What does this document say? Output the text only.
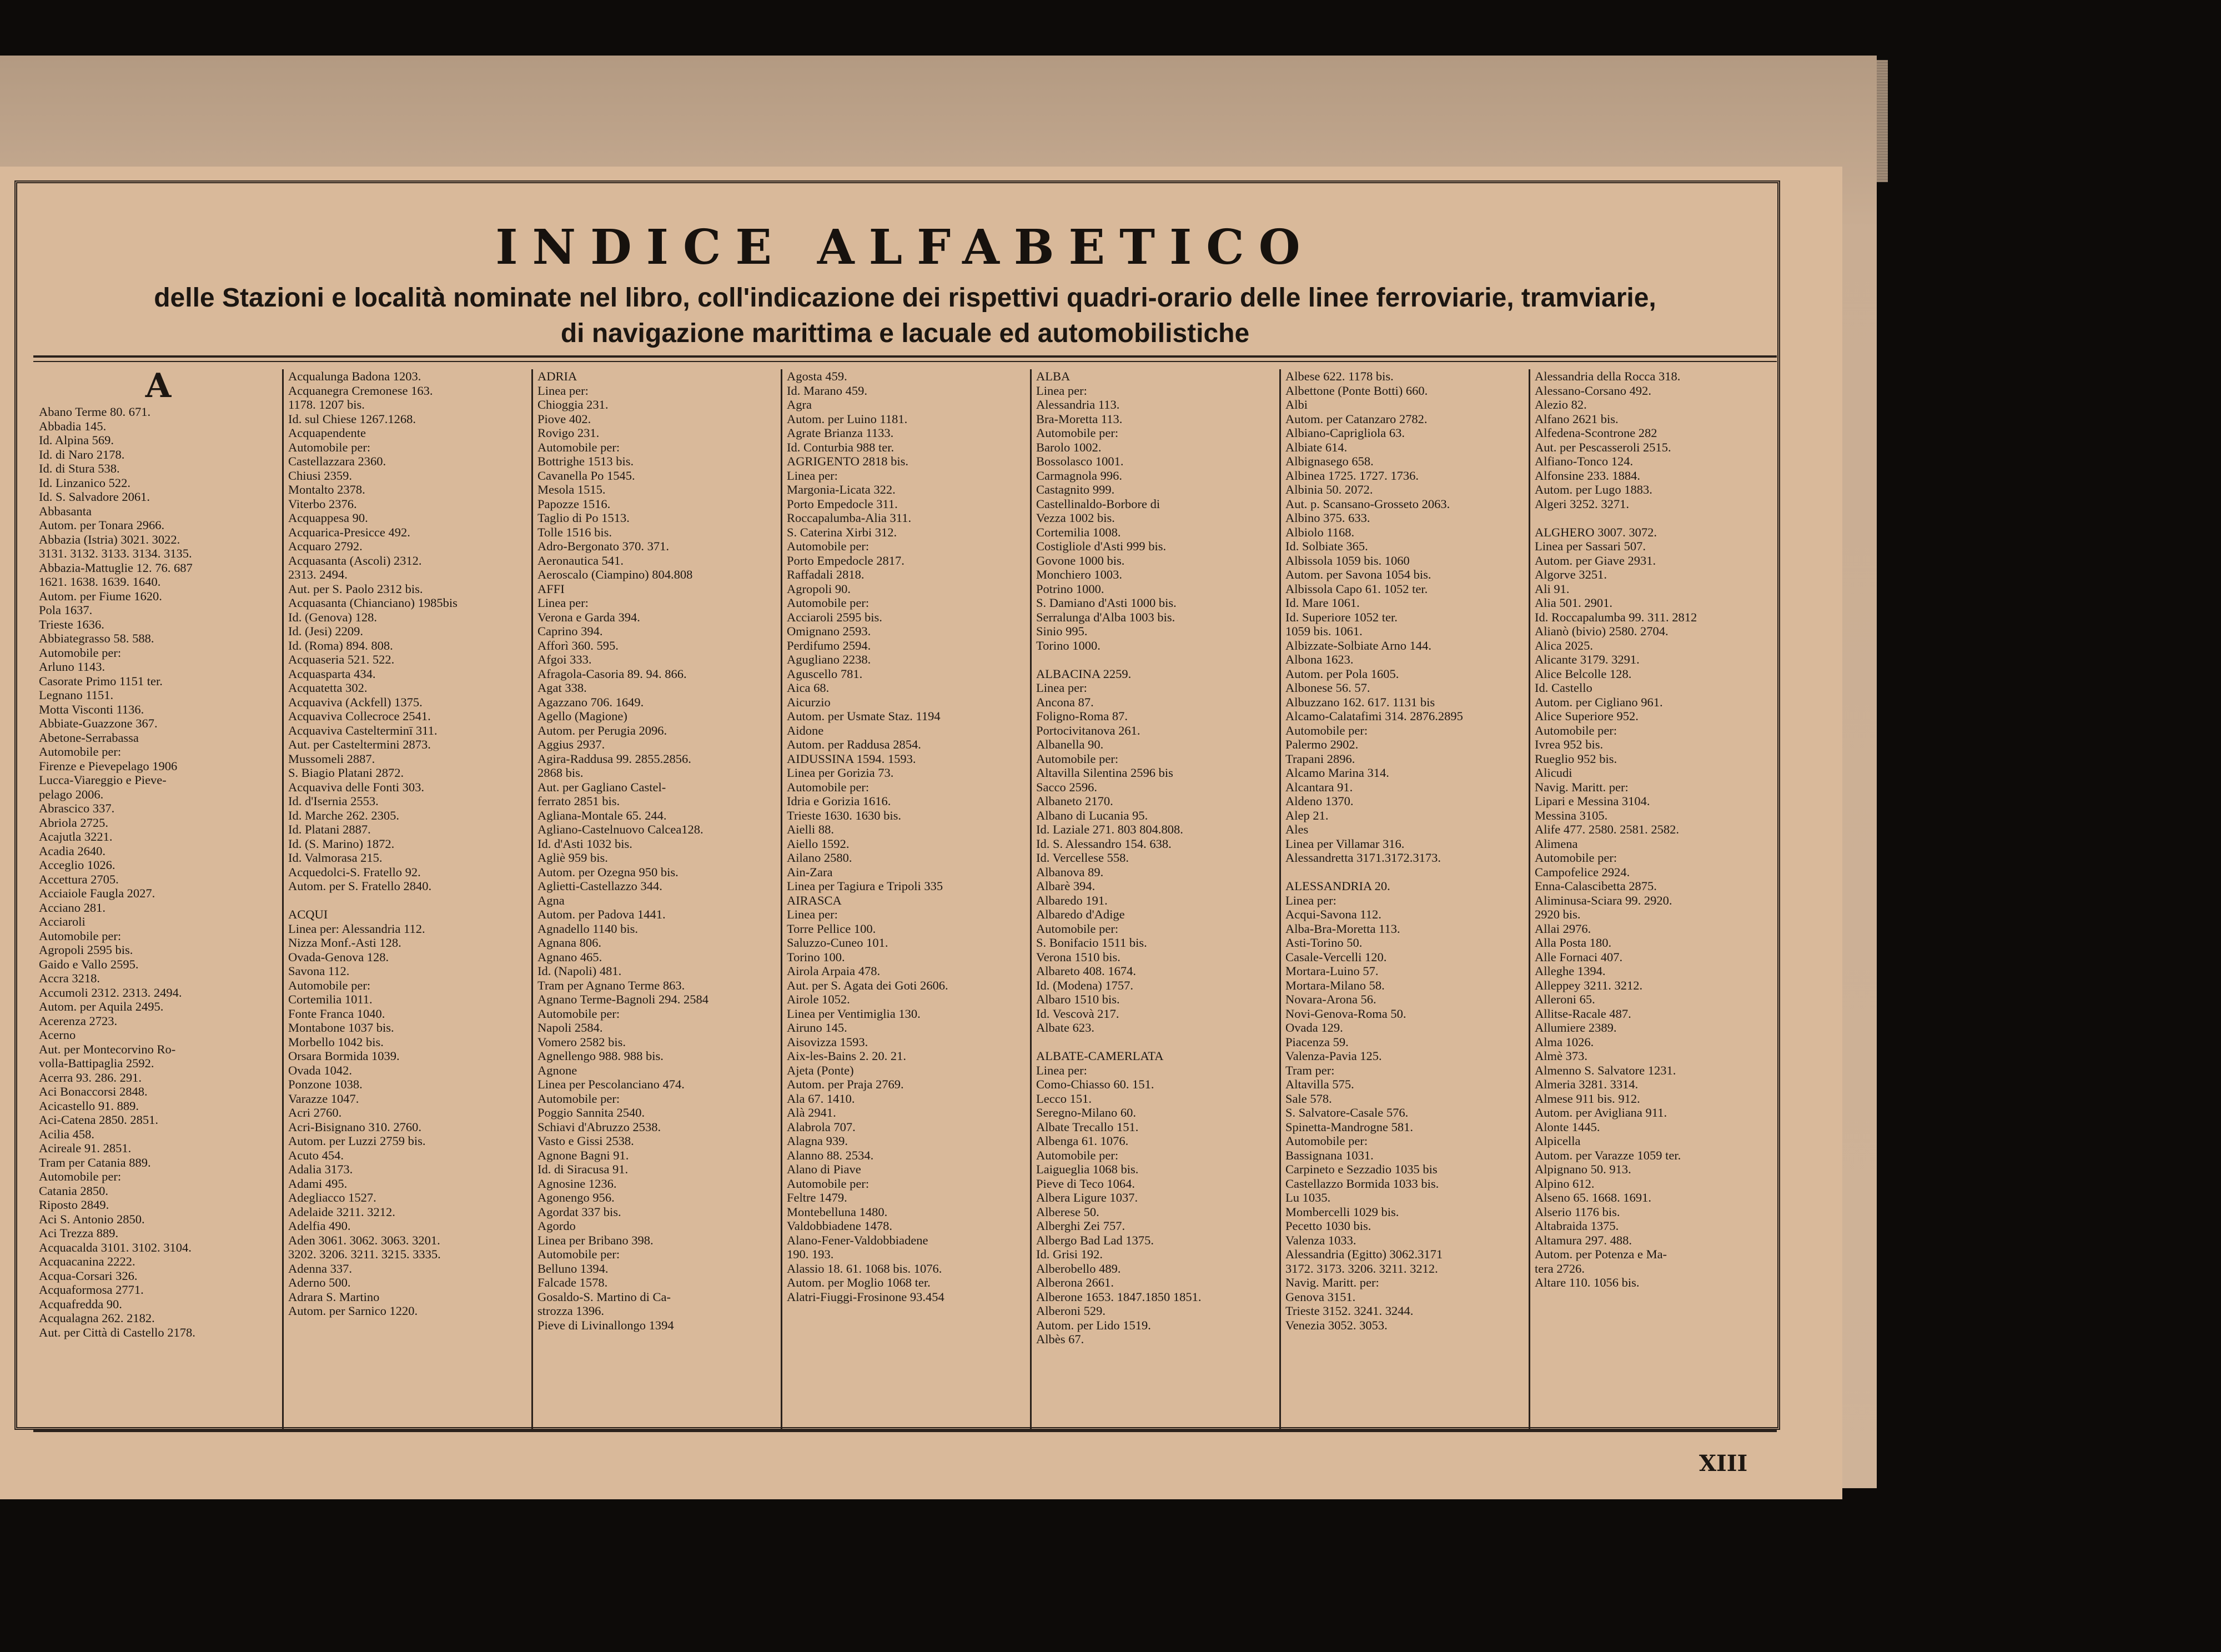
INDICE ALFABETICO
delle Stazioni e località nominate nel libro, coll'indicazione dei rispettivi quadri-orario delle linee ferroviarie, tramviarie,
di navigazione marittima e lacuale ed automobilistiche
A
Abano Terme 80. 671.
Abbadia 145.
Id. Alpina 569.
Id. di Naro 2178.
Id. di Stura 538.
Id. Linzanico 522.
Id. S. Salvadore 2061.
Abbasanta
Autom. per Tonara 2966.
Abbazia (Istria) 3021. 3022.
3131. 3132. 3133. 3134. 3135.
Abbazia-Mattuglie 12. 76. 687
1621. 1638. 1639. 1640.
Autom. per Fiume 1620.
Pola 1637.
Trieste 1636.
Abbiategrasso 58. 588.
Automobile per:
Arluno 1143.
Casorate Primo 1151 ter.
Legnano 1151.
Motta Visconti 1136.
Abbiate-Guazzone 367.
Abetone-Serrabassa
Automobile per:
Firenze e Pievepelago 1906
Lucca-Viareggio e Pieve-
pelago 2006.
Abrascico 337.
Abriola 2725.
Acajutla 3221.
Acadia 2640.
Acceglio 1026.
Accettura 2705.
Acciaiole Faugla 2027.
Acciano 281.
Acciaroli
Automobile per:
Agropoli 2595 bis.
Gaido e Vallo 2595.
Accra 3218.
Accumoli 2312. 2313. 2494.
Autom. per Aquila 2495.
Acerenza 2723.
Acerno
Aut. per Montecorvino Ro-
volla-Battipaglia 2592.
Acerra 93. 286. 291.
Aci Bonaccorsi 2848.
Acicastello 91. 889.
Aci-Catena 2850. 2851.
Acilia 458.
Acireale 91. 2851.
Tram per Catania 889.
Automobile per:
Catania 2850.
Riposto 2849.
Aci S. Antonio 2850.
Aci Trezza 889.
Acquacalda 3101. 3102. 3104.
Acquacanina 2222.
Acqua-Corsari 326.
Acquaformosa 2771.
Acquafredda 90.
Acqualagna 262. 2182.
Aut. per Città di Castello 2178.
Acqualunga Badona 1203.
Acquanegra Cremonese 163.
1178. 1207 bis.
Id. sul Chiese 1267.1268.
Acquapendente
Automobile per:
Castellazzara 2360.
Chiusi 2359.
Montalto 2378.
Viterbo 2376.
Acquappesa 90.
Acquarica-Presicce 492.
Acquaro 2792.
Acquasanta (Ascoli) 2312.
2313. 2494.
Aut. per S. Paolo 2312 bis.
Acquasanta (Chianciano) 1985bis
Id. (Genova) 128.
Id. (Jesi) 2209.
Id. (Roma) 894. 808.
Acquaseria 521. 522.
Acquasparta 434.
Acquatetta 302.
Acquaviva (Ackfell) 1375.
Acquaviva Collecroce 2541.
Acquaviva Castelterminī 311.
Aut. per Casteltermini 2873.
Mussomeli 2887.
S. Biagio Platani 2872.
Acquaviva delle Fonti 303.
Id. d'Isernia 2553.
Id. Marche 262. 2305.
Id. Platani 2887.
Id. (S. Marino) 1872.
Id. Valmorasa 215.
Acquedolci-S. Fratello 92.
Autom. per S. Fratello 2840.

ACQUI
Linea per: Alessandria 112.
Nizza Monf.-Asti 128.
Ovada-Genova 128.
Savona 112.
Automobile per:
Cortemilia 1011.
Fonte Franca 1040.
Montabone 1037 bis.
Morbello 1042 bis.
Orsara Bormida 1039.
Ovada 1042.
Ponzone 1038.
Varazze 1047.
Acri 2760.
Acri-Bisignano 310. 2760.
Autom. per Luzzi 2759 bis.
Acuto 454.
Adalia 3173.
Adami 495.
Adegliacco 1527.
Adelaide 3211. 3212.
Adelfia 490.
Aden 3061. 3062. 3063. 3201.
3202. 3206. 3211. 3215. 3335.
Adenna 337.
Aderno 500.
Adrara S. Martino
Autom. per Sarnico 1220.
ADRIA
Linea per:
Chioggia 231.
Piove 402.
Rovigo 231.
Automobile per:
Bottrighe 1513 bis.
Cavanella Po 1545.
Mesola 1515.
Papozze 1516.
Taglio di Po 1513.
Tolle 1516 bis.
Adro-Bergonato 370. 371.
Aeronautica 541.
Aeroscalo (Ciampino) 804.808
AFFI
Linea per:
Verona e Garda 394.
Caprino 394.
Afforì 360. 595.
Afgoi 333.
Afragola-Casoria 89. 94. 866.
Agat 338.
Agazzano 706. 1649.
Agello (Magione)
Autom. per Perugia 2096.
Aggius 2937.
Agira-Raddusa 99. 2855.2856.
2868 bis.
Aut. per Gagliano Castel-
ferrato 2851 bis.
Agliana-Montale 65. 244.
Agliano-Castelnuovo Calcea128.
Id. d'Asti 1032 bis.
Agliè 959 bis.
Autom. per Ozegna 950 bis.
Aglietti-Castellazzo 344.
Agna
Autom. per Padova 1441.
Agnadello 1140 bis.
Agnana 806.
Agnano 465.
Id. (Napoli) 481.
Tram per Agnano Terme 863.
Agnano Terme-Bagnoli 294. 2584
Automobile per:
Napoli 2584.
Vomero 2582 bis.
Agnellengo 988. 988 bis.
Agnone
Linea per Pescolanciano 474.
Automobile per:
Poggio Sannita 2540.
Schiavi d'Abruzzo 2538.
Vasto e Gissi 2538.
Agnone Bagni 91.
Id. di Siracusa 91.
Agnosine 1236.
Agonengo 956.
Agordat 337 bis.
Agordo
Linea per Bribano 398.
Automobile per:
Belluno 1394.
Falcade 1578.
Gosaldo-S. Martino di Ca-
strozza 1396.
Pieve di Livinallongo 1394
Agosta 459.
Id. Marano 459.
Agra
Autom. per Luino 1181.
Agrate Brianza 1133.
Id. Conturbia 988 ter.
AGRIGENTO 2818 bis.
Linea per:
Margonia-Licata 322.
Porto Empedocle 311.
Roccapalumba-Alia 311.
S. Caterina Xirbi 312.
Automobile per:
Porto Empedocle 2817.
Raffadali 2818.
Agropoli 90.
Automobile per:
Acciaroli 2595 bis.
Omignano 2593.
Perdifumo 2594.
Agugliano 2238.
Aguscello 781.
Aica 68.
Aicurzio
Autom. per Usmate Staz. 1194
Aidone
Autom. per Raddusa 2854.
AIDUSSINA 1594. 1593.
Linea per Gorizia 73.
Automobile per:
Idria e Gorizia 1616.
Trieste 1630. 1630 bis.
Aielli 88.
Aiello 1592.
Ailano 2580.
Ain-Zara
Linea per Tagiura e Tripoli 335
AIRASCA
Linea per:
Torre Pellice 100.
Saluzzo-Cuneo 101.
Torino 100.
Airola Arpaia 478.
Aut. per S. Agata dei Goti 2606.
Airole 1052.
Linea per Ventimiglia 130.
Airuno 145.
Aisovizza 1593.
Aix-les-Bains 2. 20. 21.
Ajeta (Ponte)
Autom. per Praja 2769.
Ala 67. 1410.
Alà 2941.
Alabrola 707.
Alagna 939.
Alanno 88. 2534.
Alano di Piave
Automobile per:
Feltre 1479.
Montebelluna 1480.
Valdobbiadene 1478.
Alano-Fener-Valdobbiadene
190. 193.
Alassio 18. 61. 1068 bis. 1076.
Autom. per Moglio 1068 ter.
Alatri-Fiuggi-Frosinone 93.454
ALBA
Linea per:
Alessandria 113.
Bra-Moretta 113.
Automobile per:
Barolo 1002.
Bossolasco 1001.
Carmagnola 996.
Castagnito 999.
Castellinaldo-Borbore di
Vezza 1002 bis.
Cortemilia 1008.
Costigliole d'Asti 999 bis.
Govone 1000 bis.
Monchiero 1003.
Potrino 1000.
S. Damiano d'Asti 1000 bis.
Serralunga d'Alba 1003 bis.
Sinio 995.
Torino 1000.

ALBACINA 2259.
Linea per:
Ancona 87.
Foligno-Roma 87.
Portocivitanova 261.
Albanella 90.
Automobile per:
Altavilla Silentina 2596 bis
Sacco 2596.
Albaneto 2170.
Albano di Lucania 95.
Id. Laziale 271. 803 804.808.
Id. S. Alessandro 154. 638.
Id. Vercellese 558.
Albanova 89.
Albarè 394.
Albaredo 191.
Albaredo d'Adige
Automobile per:
S. Bonifacio 1511 bis.
Verona 1510 bis.
Albareto 408. 1674.
Id. (Modena) 1757.
Albaro 1510 bis.
Id. Vescovà 217.
Albate 623.

ALBATE-CAMERLATA
Linea per:
Como-Chiasso 60. 151.
Lecco 151.
Seregno-Milano 60.
Albate Trecallo 151.
Albenga 61. 1076.
Automobile per:
Laigueglia 1068 bis.
Pieve di Teco 1064.
Albera Ligure 1037.
Alberese 50.
Alberghi Zei 757.
Albergo Bad Lad 1375.
Id. Grisi 192.
Alberobello 489.
Alberona 2661.
Alberone 1653. 1847.1850 1851.
Alberoni 529.
Autom. per Lido 1519.
Albès 67.
Albese 622. 1178 bis.
Albettone (Ponte Botti) 660.
Albi
Autom. per Catanzaro 2782.
Albiano-Caprigliola 63.
Albiate 614.
Albignasego 658.
Albinea 1725. 1727. 1736.
Albinia 50. 2072.
Aut. p. Scansano-Grosseto 2063.
Albino 375. 633.
Albiolo 1168.
Id. Solbiate 365.
Albissola 1059 bis. 1060
Autom. per Savona 1054 bis.
Albissola Capo 61. 1052 ter.
Id. Mare 1061.
Id. Superiore 1052 ter.
1059 bis. 1061.
Albizzate-Solbiate Arno 144.
Albona 1623.
Autom. per Pola 1605.
Albonese 56. 57.
Albuzzano 162. 617. 1131 bis
Alcamo-Calatafimi 314. 2876.2895
Automobile per:
Palermo 2902.
Trapani 2896.
Alcamo Marina 314.
Alcantara 91.
Aldeno 1370.
Alep 21.
Ales
Linea per Villamar 316.
Alessandretta 3171.3172.3173.

ALESSANDRIA 20.
Linea per:
Acqui-Savona 112.
Alba-Bra-Moretta 113.
Asti-Torino 50.
Casale-Vercelli 120.
Mortara-Luino 57.
Mortara-Milano 58.
Novara-Arona 56.
Novi-Genova-Roma 50.
Ovada 129.
Piacenza 59.
Valenza-Pavia 125.
Tram per:
Altavilla 575.
Sale 578.
S. Salvatore-Casale 576.
Spinetta-Mandrogne 581.
Automobile per:
Bassignana 1031.
Carpineto e Sezzadio 1035 bis
Castellazzo Bormida 1033 bis.
Lu 1035.
Mombercelli 1029 bis.
Pecetto 1030 bis.
Valenza 1033.
Alessandria (Egitto) 3062.3171
3172. 3173. 3206. 3211. 3212.
Navig. Maritt. per:
Genova 3151.
Trieste 3152. 3241. 3244.
Venezia 3052. 3053.
Alessandria della Rocca 318.
Alessano-Corsano 492.
Alezio 82.
Alfano 2621 bis.
Alfedena-Scontrone 282
Aut. per Pescasseroli 2515.
Alfiano-Tonco 124.
Alfonsine 233. 1884.
Autom. per Lugo 1883.
Algeri 3252. 3271.

ALGHERO 3007. 3072.
Linea per Sassari 507.
Autom. per Giave 2931.
Algorve 3251.
Ali 91.
Alia 501. 2901.
Id. Roccapalumba 99. 311. 2812
Alianò (bivio) 2580. 2704.
Alica 2025.
Alicante 3179. 3291.
Alice Belcolle 128.
Id. Castello
Autom. per Cigliano 961.
Alice Superiore 952.
Automobile per:
Ivrea 952 bis.
Rueglio 952 bis.
Alicudi
Navig. Maritt. per:
Lipari e Messina 3104.
Messina 3105.
Alife 477. 2580. 2581. 2582.
Alimena
Automobile per:
Campofelice 2924.
Enna-Calascibetta 2875.
Aliminusa-Sciara 99. 2920.
2920 bis.
Allai 2976.
Alla Posta 180.
Alle Fornaci 407.
Alleghe 1394.
Alleppey 3211. 3212.
Alleroni 65.
Allitse-Racale 487.
Allumiere 2389.
Alma 1026.
Almè 373.
Almenno S. Salvatore 1231.
Almeria 3281. 3314.
Almese 911 bis. 912.
Autom. per Avigliana 911.
Alonte 1445.
Alpicella
Autom. per Varazze 1059 ter.
Alpignano 50. 913.
Alpino 612.
Alseno 65. 1668. 1691.
Alserio 1176 bis.
Altabraida 1375.
Altamura 297. 488.
Autom. per Potenza e Ma-
tera 2726.
Altare 110. 1056 bis.
XIII
